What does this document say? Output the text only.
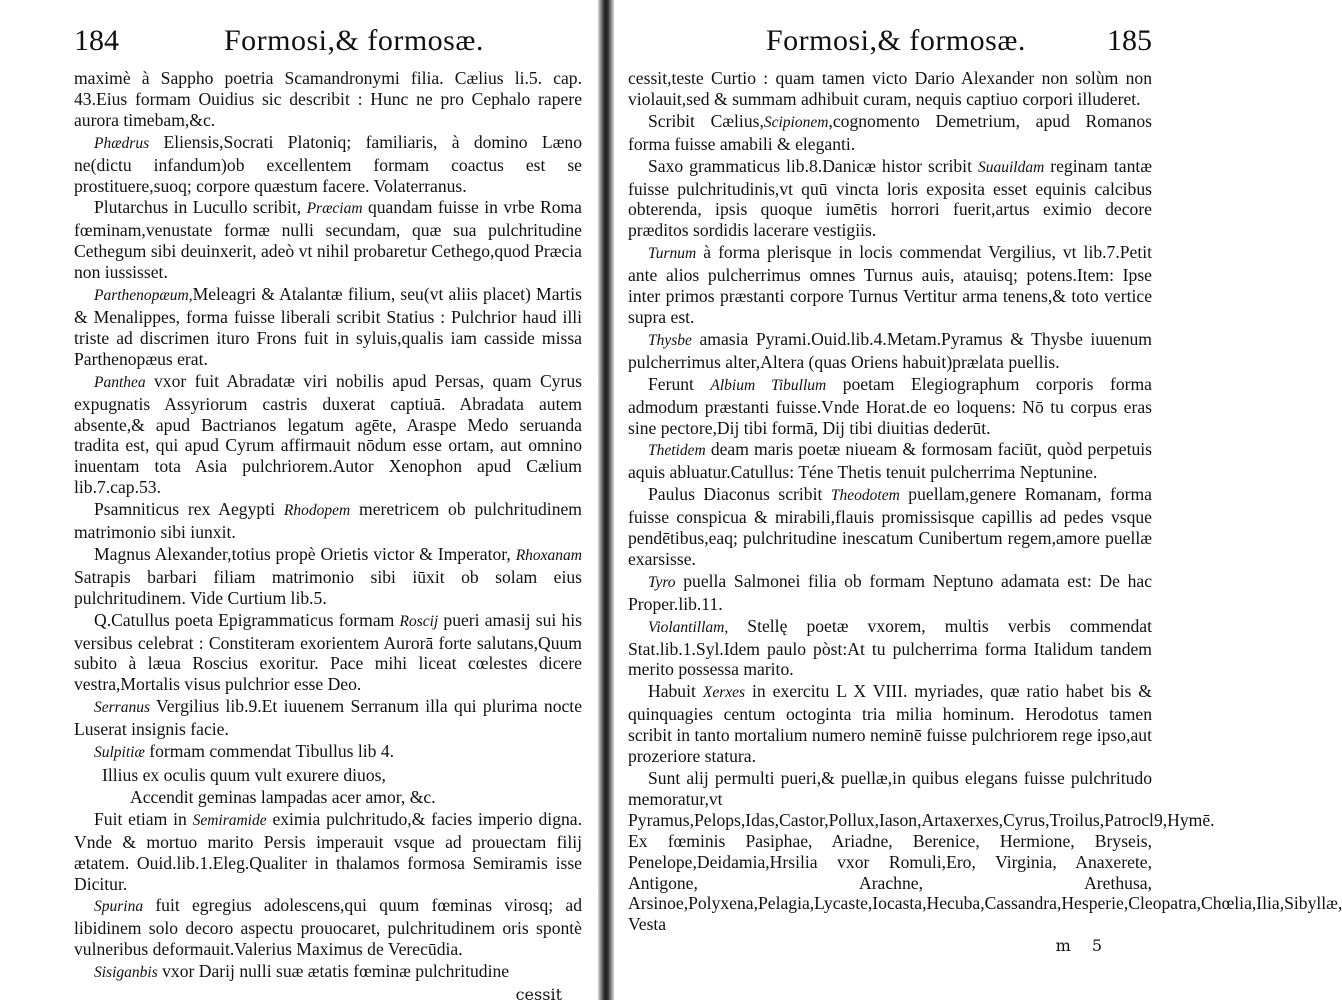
184	Formosi,& formosæ.
maximè à Sappho poetria Scamandronymi filia. Cælius li.5. cap. 43.Eius formam Ouidius sic describit : Hunc ne pro Cephalo rapere aurora timebam,&c.
Phædrus Eliensis,Socrati Platoniq; familiaris, à domino Læno ne(dictu infandum)ob excellentem formam coactus est se prostituere,suoq; corpore quæstum facere. Volaterranus.
Plutarchus in Lucullo scribit, Præciam quandam fuisse in vrbe Roma fœminam,venustate formæ nulli secundam, quæ sua pulchritudine Cethegum sibi deuinxerit, adeò vt nihil probaretur Cethego,quod Præcia non iussisset.
Parthenopæum,Meleagri & Atalantæ filium, seu(vt aliis placet) Martis & Menalippes, forma fuisse liberali scribit Statius : Pulchrior haud illi triste ad discrimen ituro Frons fuit in syluis,qualis iam casside missa Parthenopæus erat.
Panthea vxor fuit Abradatæ viri nobilis apud Persas, quam Cyrus expugnatis Assyriorum castris duxerat captiuā. Abradata autem absente,& apud Bactrianos legatum agēte, Araspe Medo seruanda tradita est, qui apud Cyrum affirmauit nōdum esse ortam, aut omnino inuentam tota Asia pulchriorem.Autor Xenophon apud Cælium lib.7.cap.53.
Psamniticus rex Aegypti Rhodopem meretricem ob pulchritudinem matrimonio sibi iunxit.
Magnus Alexander,totius propè Orietis victor & Imperator, Rhoxanam Satrapis barbari filiam matrimonio sibi iūxit ob solam eius pulchritudinem. Vide Curtium lib.5.
Q.Catullus poeta Epigrammaticus formam Roscij pueri amasij sui his versibus celebrat : Constiteram exorientem Aurorā forte salutans,Quum subito à læua Roscius exoritur. Pace mihi liceat cœlestes dicere vestra,Mortalis visus pulchrior esse Deo.
Serranus Vergilius lib.9.Et iuuenem Serranum illa qui plurima nocte Luserat insignis facie.
Sulpitiæ formam commendat Tibullus lib 4.
Illius ex oculis quum vult exurere diuos,
Accendit geminas lampadas acer amor, &c.
Fuit etiam in Semiramide eximia pulchritudo,& facies imperio digna. Vnde & mortuo marito Persis imperauit vsque ad prouectam filij ætatem. Ouid.lib.1.Eleg.Qualiter in thalamos formosa Semiramis isse Dicitur.
Spurina fuit egregius adolescens,qui quum fœminas virosq; ad libidinem solo decoro aspectu prouocaret, pulchritudinem oris spontè vulneribus deformauit.Valerius Maximus de Verecūdia.
Sisiganbis vxor Darij nulli suæ ætatis fœminæ pulchritudine
cessit
Formosi,& formosæ.	185
cessit,teste Curtio : quam tamen victo Dario Alexander non solùm non violauit,sed & summam adhibuit curam, nequis captiuo corpori illuderet.
Scribit Cælius,Scipionem,cognomento Demetrium, apud Romanos forma fuisse amabili & eleganti.
Saxo grammaticus lib.8.Danicæ histor scribit Suauildam reginam tantæ fuisse pulchritudinis,vt quū vincta loris exposita esset equinis calcibus obterenda, ipsis quoque iumētis horrori fuerit,artus eximio decore præditos sordidis lacerare vestigiis.
Turnum à forma plerisque in locis commendat Vergilius, vt lib.7.Petit ante alios pulcherrimus omnes Turnus auis, atauisq; potens.Item: Ipse inter primos præstanti corpore Turnus Vertitur arma tenens,& toto vertice supra est.
Thysbe amasia Pyrami.Ouid.lib.4.Metam.Pyramus & Thysbe iuuenum pulcherrimus alter,Altera (quas Oriens habuit)prælata puellis.
Ferunt Albium Tibullum poetam Elegiographum corporis forma admodum præstanti fuisse.Vnde Horat.de eo loquens: Nō tu corpus eras sine pectore,Dij tibi formā, Dij tibi diuitias dederūt.
Thetidem deam maris poetæ niueam & formosam faciūt, quòd perpetuis aquis abluatur.Catullus: Téne Thetis tenuit pulcherrima Neptunine.
Paulus Diaconus scribit Theodotem puellam,genere Romanam, forma fuisse conspicua & mirabili,flauis promissisque capillis ad pedes vsque pendētibus,eaq; pulchritudine inescatum Cunibertum regem,amore puellæ exarsisse.
Tyro puella Salmonei filia ob formam Neptuno adamata est: De hac Proper.lib.11.
Violantillam, Stellę poetæ vxorem, multis verbis commendat Stat.lib.1.Syl.Idem paulo pòst:At tu pulcherrima forma Italidum tandem merito possessa marito.
Habuit Xerxes in exercitu L X VIII. myriades, quæ ratio habet bis & quinquagies centum octoginta tria milia hominum. Herodotus tamen scribit in tanto mortalium numero neminē fuisse pulchriorem rege ipso,aut prozeriore statura.
Sunt alij permulti pueri,& puellæ,in quibus elegans fuisse pulchritudo memoratur,vt Pyramus,Pelops,Idas,Castor,Pollux,Iason,Artaxerxes,Cyrus,Troilus,Patrocl9,Hymē. Ex fœminis Pasiphae, Ariadne, Berenice, Hermione, Bryseis, Penelope,Deidamia,Hrsilia vxor Romuli,Ero, Virginia, Anaxerete, Antigone, Arachne, Arethusa, Arsinoe,Polyxena,Pelagia,Lycaste,Iocasta,Hecuba,Cassandra,Hesperie,Cleopatra,Chœlia,Ilia,Sibyllæ, Vesta
m 5
